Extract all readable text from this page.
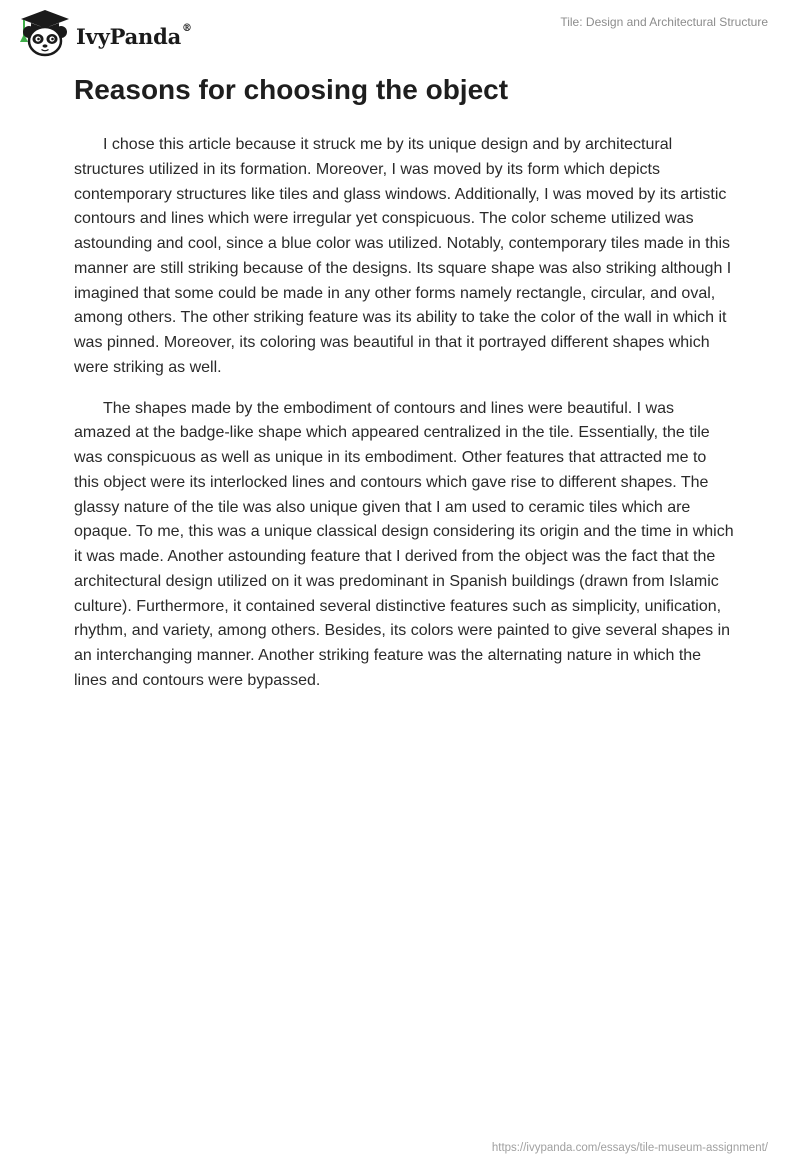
IvyPanda®	Tile: Design and Architectural Structure
Reasons for choosing the object

I chose this article because it struck me by its unique design and by architectural structures utilized in its formation. Moreover, I was moved by its form which depicts contemporary structures like tiles and glass windows. Additionally, I was moved by its artistic contours and lines which were irregular yet conspicuous. The color scheme utilized was astounding and cool, since a blue color was utilized. Notably, contemporary tiles made in this manner are still striking because of the designs. Its square shape was also striking although I imagined that some could be made in any other forms namely rectangle, circular, and oval, among others. The other striking feature was its ability to take the color of the wall in which it was pinned. Moreover, its coloring was beautiful in that it portrayed different shapes which were striking as well.

The shapes made by the embodiment of contours and lines were beautiful. I was amazed at the badge-like shape which appeared centralized in the tile. Essentially, the tile was conspicuous as well as unique in its embodiment. Other features that attracted me to this object were its interlocked lines and contours which gave rise to different shapes. The glassy nature of the tile was also unique given that I am used to ceramic tiles which are opaque. To me, this was a unique classical design considering its origin and the time in which it was made. Another astounding feature that I derived from the object was the fact that the architectural design utilized on it was predominant in Spanish buildings (drawn from Islamic culture). Furthermore, it contained several distinctive features such as simplicity, unification, rhythm, and variety, among others. Besides, its colors were painted to give several shapes in an interchanging manner. Another striking feature was the alternating nature in which the lines and contours were bypassed.

https://ivypanda.com/essays/tile-museum-assignment/
